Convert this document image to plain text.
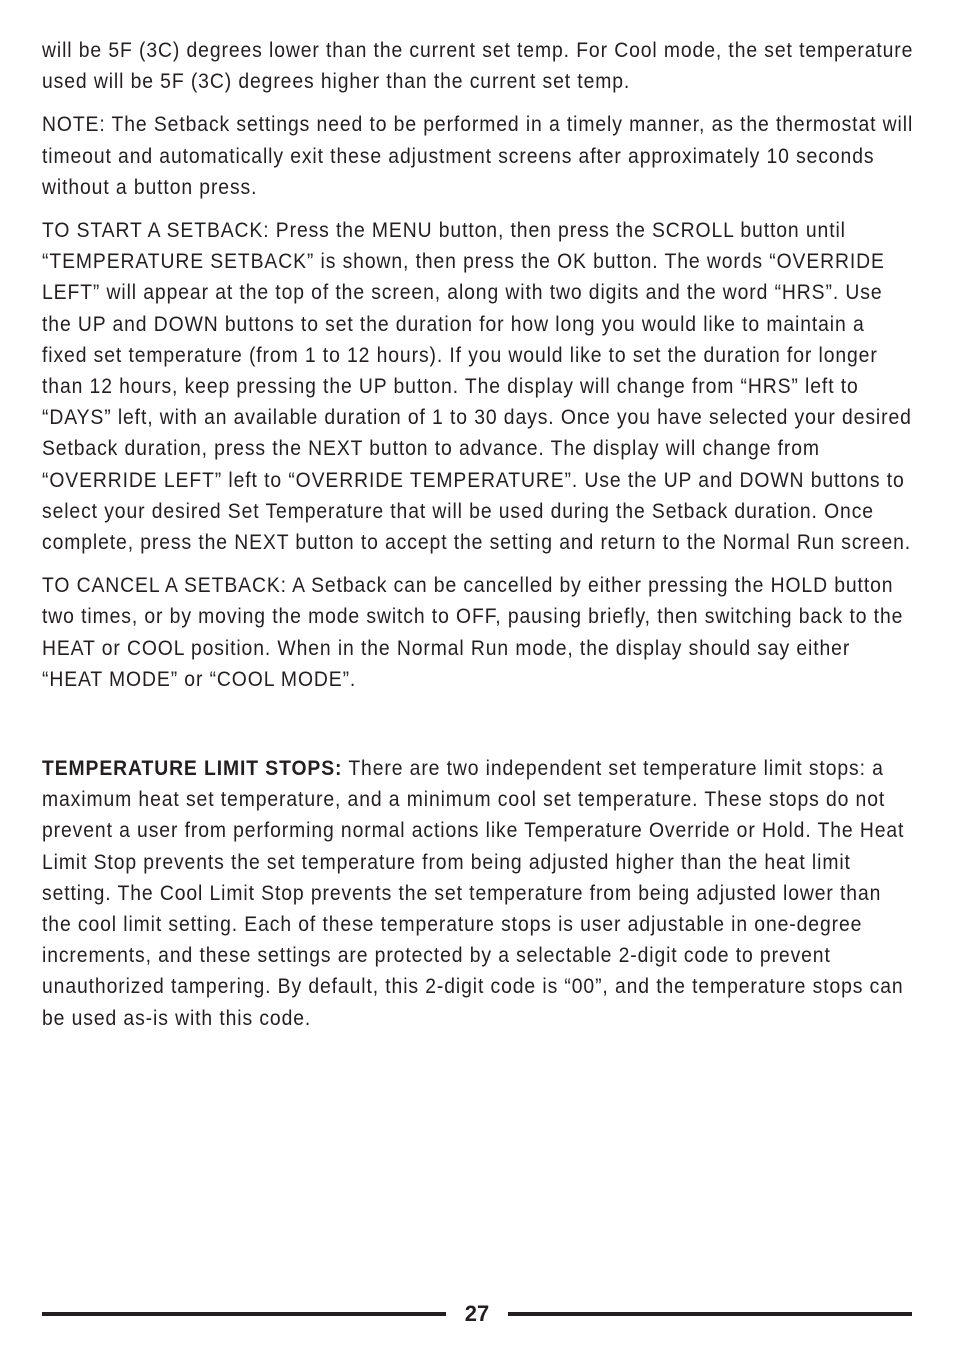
will be 5F (3C) degrees lower than the current set temp. For Cool mode, the set temperature used will be 5F (3C) degrees higher than the current set temp.

NOTE: The Setback settings need to be performed in a timely manner, as the thermostat will timeout and automatically exit these adjustment screens after approximately 10 seconds without a button press.

TO START A SETBACK: Press the MENU button, then press the SCROLL button until “TEMPERATURE SETBACK” is shown, then press the OK button. The words “OVERRIDE LEFT” will appear at the top of the screen, along with two digits and the word “HRS”. Use the UP and DOWN buttons to set the duration for how long you would like to maintain a fixed set temperature (from 1 to 12 hours). If you would like to set the duration for longer than 12 hours, keep pressing the UP button. The display will change from “HRS” left to “DAYS” left, with an available duration of 1 to 30 days. Once you have selected your desired Setback duration, press the NEXT button to advance. The display will change from “OVERRIDE LEFT” left to “OVERRIDE TEMPERATURE”. Use the UP and DOWN buttons to select your desired Set Temperature that will be used during the Setback duration. Once complete, press the NEXT button to accept the setting and return to the Normal Run screen.

TO CANCEL A SETBACK: A Setback can be cancelled by either pressing the HOLD button two times, or by moving the mode switch to OFF, pausing briefly, then switching back to the HEAT or COOL position. When in the Normal Run mode, the display should say either “HEAT MODE” or “COOL MODE”.

TEMPERATURE LIMIT STOPS: There are two independent set temperature limit stops: a maximum heat set temperature, and a minimum cool set temperature. These stops do not prevent a user from performing normal actions like Temperature Override or Hold. The Heat Limit Stop prevents the set temperature from being adjusted higher than the heat limit setting. The Cool Limit Stop prevents the set temperature from being adjusted lower than the cool limit setting. Each of these temperature stops is user adjustable in one-degree increments, and these settings are protected by a selectable 2-digit code to prevent unauthorized tampering. By default, this 2-digit code is “00”, and the temperature stops can be used as-is with this code.

27
